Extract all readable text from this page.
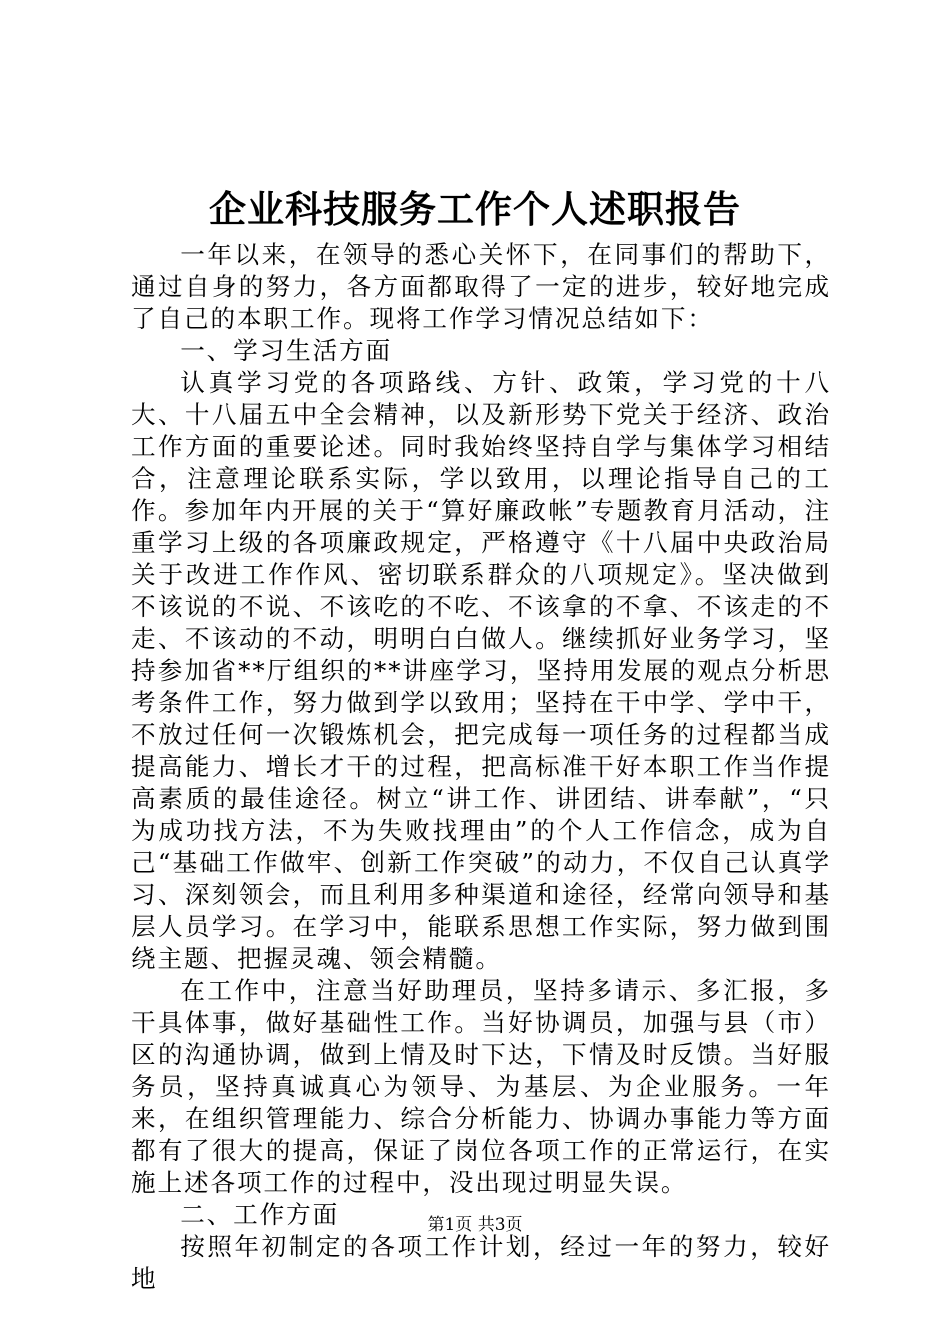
企业科技服务工作个人述职报告

一年以来，在领导的悉心关怀下，在同事们的帮助下，通过自身的努力，各方面都取得了一定的进步，较好地完成了自己的本职工作。现将工作学习情况总结如下：

一、学习生活方面

认真学习党的各项路线、方针、政策，学习党的十八大、十八届五中全会精神，以及新形势下党关于经济、政治工作方面的重要论述。同时我始终坚持自学与集体学习相结合，注意理论联系实际，学以致用，以理论指导自己的工作。参加年内开展的关于“算好廉政帐”专题教育月活动，注重学习上级的各项廉政规定，严格遵守《十八届中央政治局关于改进工作作风、密切联系群众的八项规定》。坚决做到不该说的不说、不该吃的不吃、不该拿的不拿、不该走的不走、不该动的不动，明明白白做人。继续抓好业务学习，坚持参加省**厅组织的**讲座学习，坚持用发展的观点分析思考条件工作，努力做到学以致用；坚持在干中学、学中干，不放过任何一次锻炼机会，把完成每一项任务的过程都当成提高能力、增长才干的过程，把高标准干好本职工作当作提高素质的最佳途径。树立“讲工作、讲团结、讲奉献”，“只为成功找方法，不为失败找理由”的个人工作信念，成为自己“基础工作做牢、创新工作突破”的动力，不仅自己认真学习、深刻领会，而且利用多种渠道和途径，经常向领导和基层人员学习。在学习中，能联系思想工作实际，努力做到围绕主题、把握灵魂、领会精髓。

在工作中，注意当好助理员，坚持多请示、多汇报，多干具体事，做好基础性工作。当好协调员，加强与县（市）区的沟通协调，做到上情及时下达，下情及时反馈。当好服务员，坚持真诚真心为领导、为基层、为企业服务。一年来，在组织管理能力、综合分析能力、协调办事能力等方面都有了很大的提高，保证了岗位各项工作的正常运行，在实施上述各项工作的过程中，没出现过明显失误。

二、工作方面

按照年初制定的各项工作计划，经过一年的努力，较好地

第1页 共3页
